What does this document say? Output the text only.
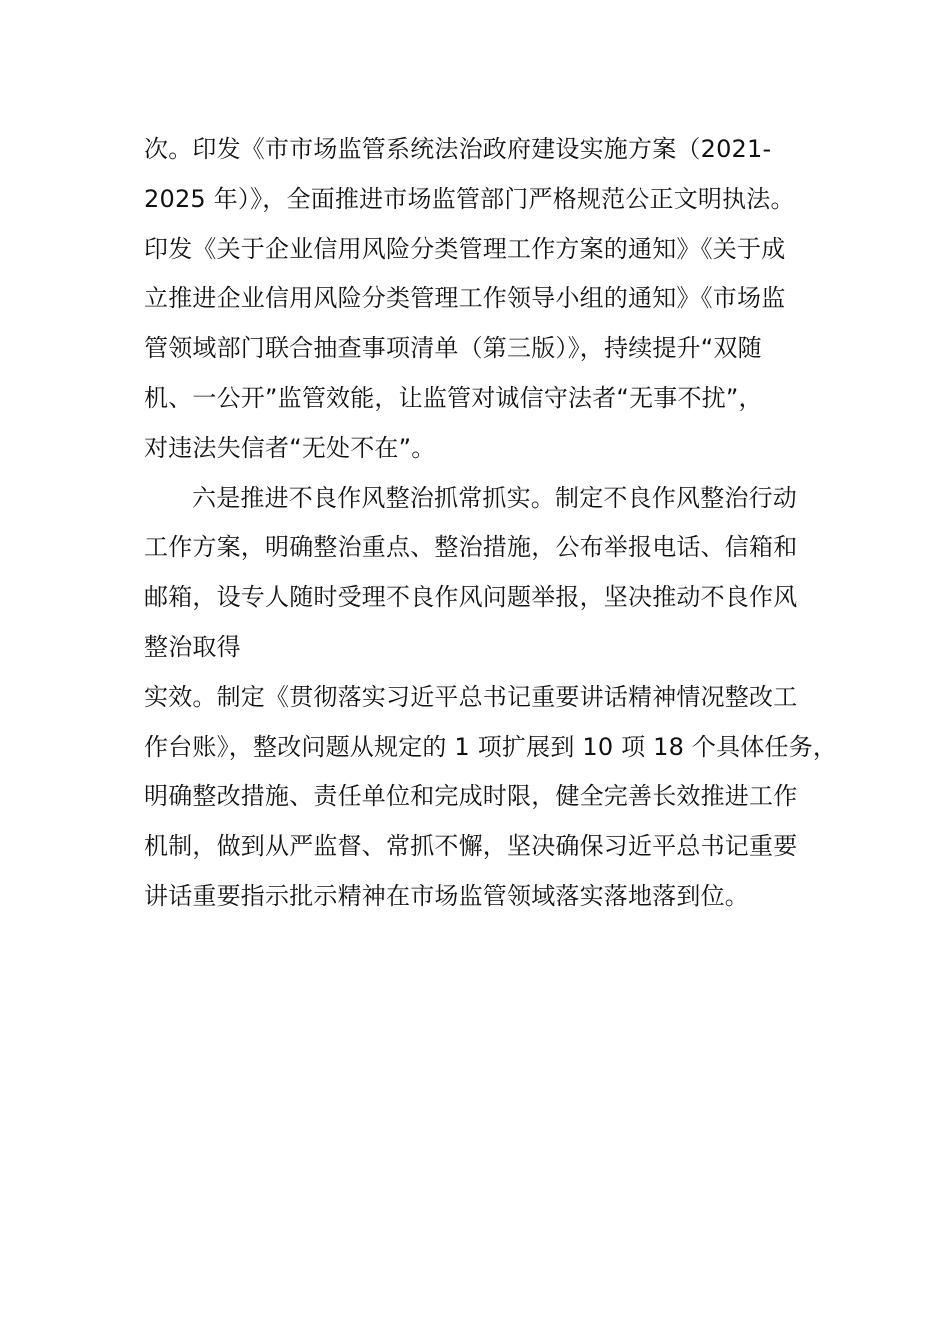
次。印发《市市场监管系统法治政府建设实施方案（2021-
2025 年）》，全面推进市场监管部门严格规范公正文明执法。
印发《关于企业信用风险分类管理工作方案的通知》《关于成
立推进企业信用风险分类管理工作领导小组的通知》《市场监
管领域部门联合抽查事项清单（第三版）》，持续提升“双随
机、一公开”监管效能，让监管对诚信守法者“无事不扰”，
对违法失信者“无处不在”。
六是推进不良作风整治抓常抓实。制定不良作风整治行动
工作方案，明确整治重点、整治措施，公布举报电话、信箱和
邮箱，设专人随时受理不良作风问题举报，坚决推动不良作风
整治取得
实效。制定《贯彻落实习近平总书记重要讲话精神情况整改工
作台账》，整改问题从规定的 1 项扩展到 10 项 18 个具体任务，
明确整改措施、责任单位和完成时限，健全完善长效推进工作
机制，做到从严监督、常抓不懈，坚决确保习近平总书记重要
讲话重要指示批示精神在市场监管领域落实落地落到位。
